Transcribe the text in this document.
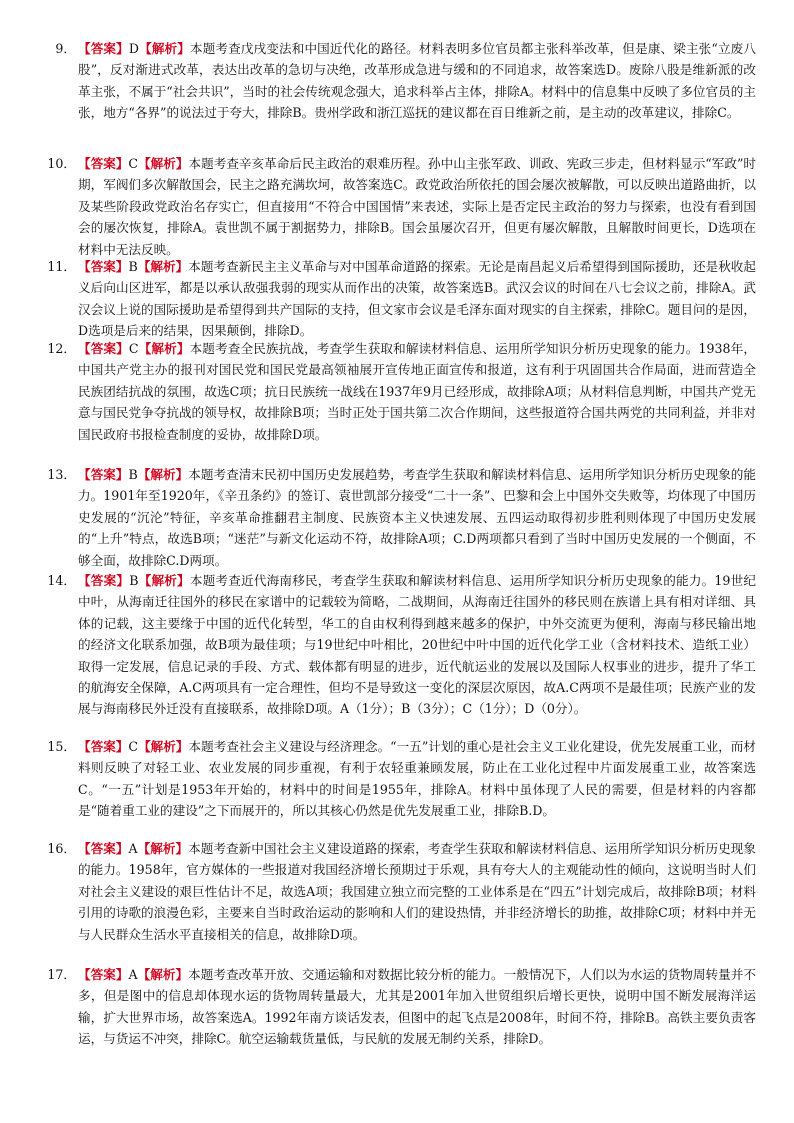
9． 【答案】D【解析】本题考查戊戌变法和中国近代化的路径。材料表明多位官员都主张科举改革，但是康、梁主张“立废八股”，反对渐进式改革，表达出改革的急切与决绝，改革形成急进与缓和的不同追求，故答案选D。废除八股是维新派的改革主张，不属于“社会共识”，当时的社会传统观念强大，追求科举占主体，排除A。材料中的信息集中反映了多位官员的主张，地方“各界”的说法过于夸大，排除B。贵州学政和浙江巡抚的建议都在百日维新之前，是主动的改革建议，排除C。
10． 【答案】C【解析】本题考查辛亥革命后民主政治的艰难历程。孙中山主张军政、训政、宪政三步走，但材料显示“军政”时期，军阀们多次解散国会，民主之路充满坎坷，故答案选C。政党政治所依托的国会屡次被解散，可以反映出道路曲折，以及某些阶段政党政治名存实亡，但直接用“不符合中国国情”来表述，实际上是否定民主政治的努力与探索，也没有看到国会的屡次恢复，排除A。袁世凯不属于割据势力，排除B。国会虽屡次召开，但更有屡次解散，且解散时间更长，D选项在材料中无法反映。
11． 【答案】B【解析】本题考查新民主主义革命与对中国革命道路的探索。无论是南昌起义后希望得到国际援助，还是秋收起义后向山区进军，都是以承认敌强我弱的现实从而作出的决策，故答案选B。武汉会议的时间在八七会议之前，排除A。武汉会议上说的国际援助是希望得到共产国际的支持，但文家市会议是毛泽东面对现实的自主探索，排除C。题目问的是因，D选项是后来的结果，因果颠倒，排除D。
12． 【答案】C【解析】本题考查全民族抗战，考查学生获取和解读材料信息、运用所学知识分析历史现象的能力。1938年，中国共产党主办的报刊对国民党和国民党最高领袖展开宣传地正面宣传和报道，这有利于巩固国共合作局面，进而营造全民族团结抗战的氛围，故选C项；抗日民族统一战线在1937年9月已经形成，故排除A项；从材料信息判断，中国共产党无意与国民党争夺抗战的领导权，故排除B项；当时正处于国共第二次合作期间，这些报道符合国共两党的共同利益，并非对国民政府书报检查制度的妥协，故排除D项。
13． 【答案】B【解析】本题考查清末民初中国历史发展趋势，考查学生获取和解读材料信息、运用所学知识分析历史现象的能力。1901年至1920年，《辛丑条约》的签订、袁世凯部分接受“二十一条”、巴黎和会上中国外交失败等，均体现了中国历史发展的“沉沦”特征，辛亥革命推翻君主制度、民族资本主义快速发展、五四运动取得初步胜利则体现了中国历史发展的“上升”特点，故选B项；“迷茫”与新文化运动不符，故排除A项；C.D两项都只看到了当时中国历史发展的一个侧面，不够全面，故排除C.D两项。
14． 【答案】B【解析】本题考查近代海南移民，考查学生获取和解读材料信息、运用所学知识分析历史现象的能力。19世纪中叶，从海南迁往国外的移民在家谱中的记载较为简略，二战期间，从海南迁往国外的移民则在族谱上具有相对详细、具体的记载，这主要缘于中国的近代化转型，华工的自由权利得到越来越多的保护，中外交流更为便利，海南与移民输出地的经济文化联系加强，故B项为最佳项；与19世纪中叶相比，20世纪中叶中国的近代化学工业（含材料技术、造纸工业）取得一定发展，信息记录的手段、方式、载体都有明显的进步，近代航运业的发展以及国际人权事业的进步，提升了华工的航海安全保障，A.C两项具有一定合理性，但均不是导致这一变化的深层次原因，故A.C两项不是最佳项；民族产业的发展与海南移民外迁没有直接联系，故排除D项。A（1分）；B（3分）；C（1分）；D（0分）。
15． 【答案】C【解析】本题考查社会主义建设与经济理念。“一五”计划的重心是社会主义工业化建设，优先发展重工业，而材料则反映了对轻工业、农业发展的同步重视，有利于农轻重兼顾发展，防止在工业化过程中片面发展重工业，故答案选C。“一五”计划是1953年开始的，材料中的时间是1955年，排除A。材料中虽体现了人民的需要，但是材料的内容都是“随着重工业的建设”之下而展开的，所以其核心仍然是优先发展重工业，排除B.D。
16． 【答案】A【解析】本题考查新中国社会主义建设道路的探索，考查学生获取和解读材料信息、运用所学知识分析历史现象的能力。1958年，官方媒体的一些报道对我国经济增长预期过于乐观，具有夸大人的主观能动性的倾向，这说明当时人们对社会主义建设的艰巨性估计不足，故选A项；我国建立独立而完整的工业体系是在“四五”计划完成后，故排除B项；材料引用的诗歌的浪漫色彩，主要来自当时政治运动的影响和人们的建设热情，并非经济增长的助推，故排除C项；材料中并无与人民群众生活水平直接相关的信息，故排除D项。
17． 【答案】A【解析】本题考查改革开放、交通运输和对数据比较分析的能力。一般情况下，人们以为水运的货物周转量并不多，但是图中的信息却体现水运的货物周转量最大，尤其是2001年加入世贸组织后增长更快，说明中国不断发展海洋运输，扩大世界市场，故答案选A。1992年南方谈话发表，但图中的起飞点是2008年，时间不符，排除B。高铁主要负责客运，与货运不冲突，排除C。航空运输载货量低，与民航的发展无制约关系，排除D。
